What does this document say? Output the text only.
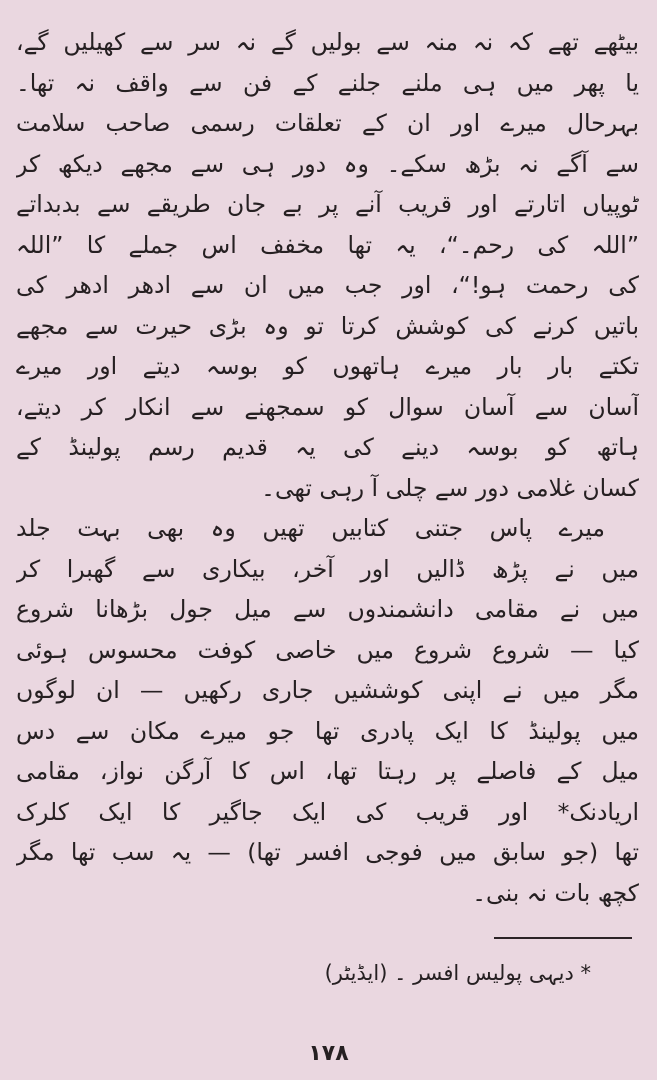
بیٹھے تھے کہ نہ منہ سے بولیں گے نہ سر سے کھیلیں گے،
یا پھر میں ہی ملنے جلنے کے فن سے واقف نہ تھا۔
بہرحال میرے اور ان کے تعلقات رسمی صاحب سلامت
سے آگے نہ بڑھ سکے۔ وہ دور ہی سے مجھے دیکھ کر
ٹوپیاں اتارتے اور قریب آنے پر بے جان طریقے سے بدبداتے
”اللہ کی رحم۔“، یہ تھا مخفف اس جملے کا ”اللہ
کی رحمت ہو!“، اور جب میں ان سے ادھر ادھر کی
باتیں کرنے کی کوشش کرتا تو وہ بڑی حیرت سے مجھے
تکتے بار بار میرے ہاتھوں کو بوسہ دیتے اور میرے
آسان سے آسان سوال کو سمجھنے سے انکار کر دیتے،
ہاتھ کو بوسہ دینے کی یہ قدیم رسم پولینڈ کے
کسان غلامی دور سے چلی آ رہی تھی۔
میرے پاس جتنی کتابیں تھیں وہ بھی بہت جلد
میں نے پڑھ ڈالیں اور آخر، بیکاری سے گھبرا کر
میں نے مقامی دانشمندوں سے میل جول بڑھانا شروع
کیا — شروع شروع میں خاصی کوفت محسوس ہوئی
مگر میں نے اپنی کوششیں جاری رکھیں — ان لوگوں
میں پولینڈ کا ایک پادری تھا جو میرے مکان سے دس
میل کے فاصلے پر رہتا تھا، اس کا آرگن نواز، مقامی
اریادنک* اور قریب کی ایک جاگیر کا ایک کلرک
تھا (جو سابق میں فوجی افسر تھا) — یہ سب تھا مگر
کچھ بات نہ بنی۔
* دیہی پولیس افسر ۔ (ایڈیٹر)
١٧٨
